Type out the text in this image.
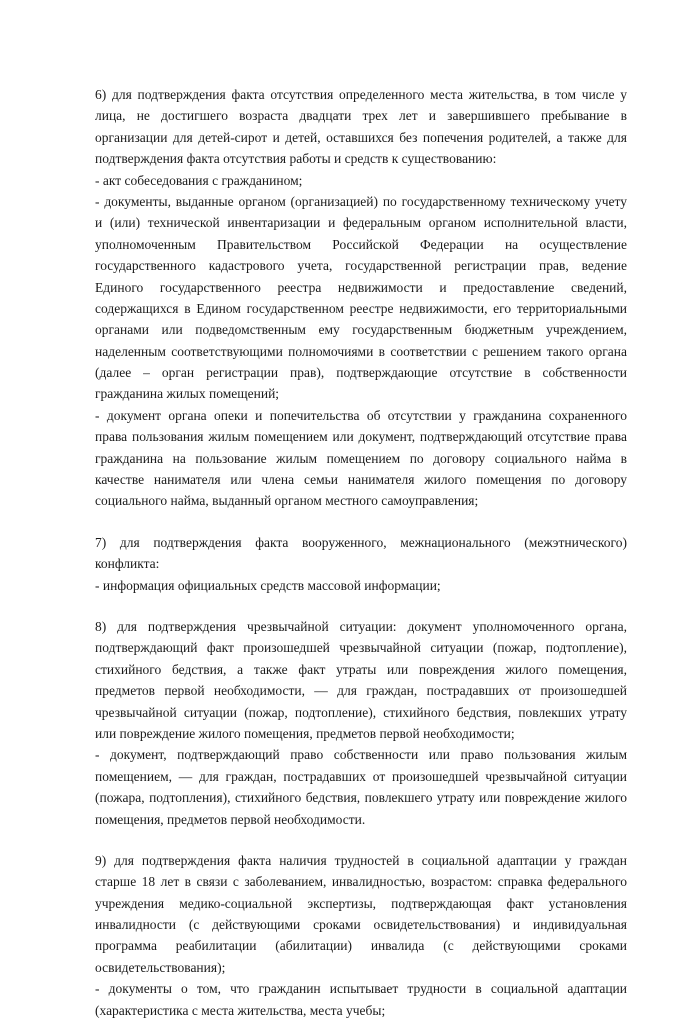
6) для подтверждения факта отсутствия определенного места жительства, в том числе у
лица, не достигшего возраста двадцати трех лет и завершившего пребывание в
организации для детей-сирот и детей, оставшихся без попечения родителей, а также для
подтверждения факта отсутствия работы и средств к существованию:
- акт собеседования с гражданином;
- документы, выданные органом (организацией) по государственному техническому учету
и (или) технической инвентаризации и федеральным органом исполнительной власти,
уполномоченным Правительством Российской Федерации на осуществление
государственного кадастрового учета, государственной регистрации прав, ведение
Единого государственного реестра недвижимости и предоставление сведений,
содержащихся в Едином государственном реестре недвижимости, его территориальными
органами или подведомственным ему государственным бюджетным учреждением,
наделенным соответствующими полномочиями в соответствии с решением такого органа
(далее – орган регистрации прав), подтверждающие отсутствие в собственности
гражданина жилых помещений;
- документ органа опеки и попечительства об отсутствии у гражданина сохраненного
права пользования жилым помещением или документ, подтверждающий отсутствие права
гражданина на пользование жилым помещением по договору социального найма в
качестве нанимателя или члена семьи нанимателя жилого помещения по договору
социального найма, выданный органом местного самоуправления;
7) для подтверждения факта вооруженного, межнационального (межэтнического)
конфликта:
- информация официальных средств массовой информации;
8) для подтверждения чрезвычайной ситуации: документ уполномоченного органа,
подтверждающий факт произошедшей чрезвычайной ситуации (пожар, подтопление),
стихийного бедствия, а также факт утраты или повреждения жилого помещения,
предметов первой необходимости, — для граждан, пострадавших от произошедшей
чрезвычайной ситуации (пожар, подтопление), стихийного бедствия, повлекших утрату
или повреждение жилого помещения, предметов первой необходимости;
- документ, подтверждающий право собственности или право пользования жилым
помещением, — для граждан, пострадавших от произошедшей чрезвычайной ситуации
(пожара, подтопления), стихийного бедствия, повлекшего утрату или повреждение жилого
помещения, предметов первой необходимости.
9) для подтверждения факта наличия трудностей в социальной адаптации у граждан
старше 18 лет в связи с заболеванием, инвалидностью, возрастом: справка федерального
учреждения медико-социальной экспертизы, подтверждающая факт установления
инвалидности (с действующими сроками освидетельствования) и индивидуальная
программа реабилитации (абилитации) инвалида (с действующими сроками
освидетельствования);
- документы о том, что гражданин испытывает трудности в социальной адаптации
(характеристика с места жительства, места учебы;
